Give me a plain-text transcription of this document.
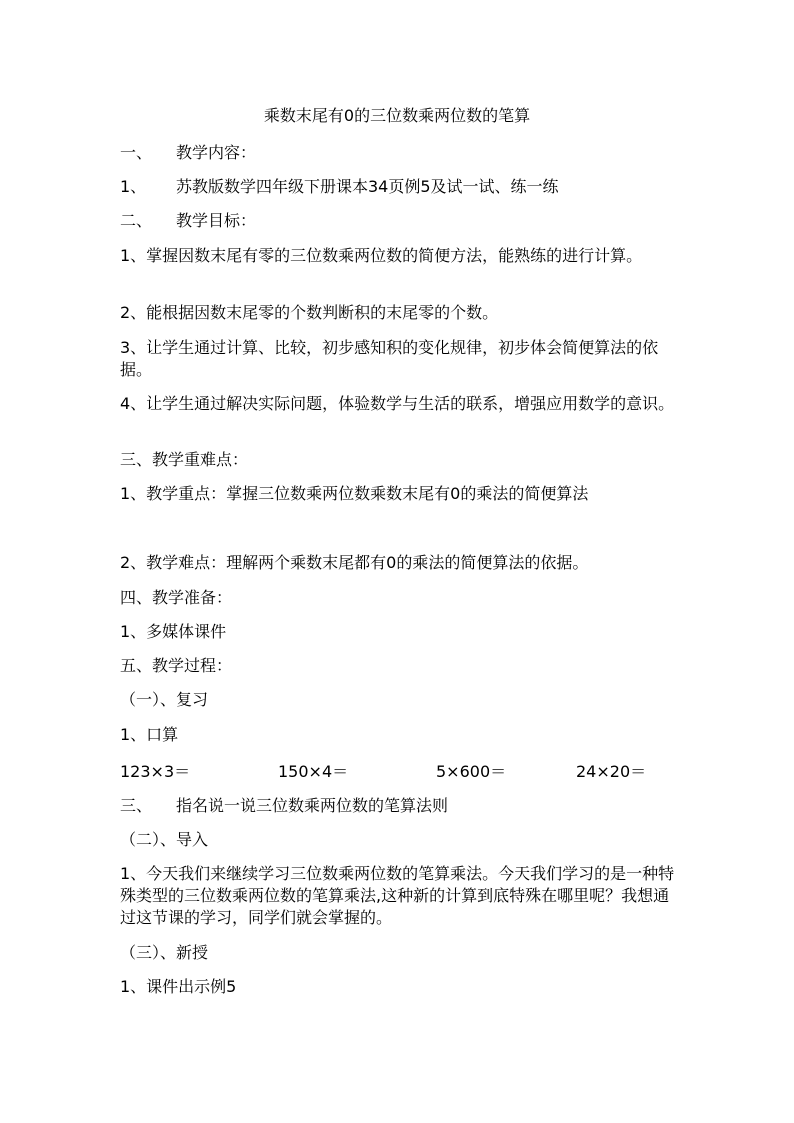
乘数末尾有0的三位数乘两位数的笔算
一、 教学内容：
1、 苏教版数学四年级下册课本34页例5及试一试、练一练
二、 教学目标：
1、掌握因数末尾有零的三位数乘两位数的简便方法，能熟练的进行计算。
2、能根据因数末尾零的个数判断积的末尾零的个数。
3、让学生通过计算、比较，初步感知积的变化规律，初步体会简便算法的依据。
4、让学生通过解决实际问题，体验数学与生活的联系，增强应用数学的意识。
三、教学重难点：
1、教学重点：掌握三位数乘两位数乘数末尾有0的乘法的简便算法
2、教学难点：理解两个乘数末尾都有0的乘法的简便算法的依据。
四、教学准备：
1、多媒体课件
五、教学过程：
（一）、复习
1、口算
123×3＝	150×4＝	5×600＝	24×20＝
三、 指名说一说三位数乘两位数的笔算法则
（二）、导入
1、今天我们来继续学习三位数乘两位数的笔算乘法。今天我们学习的是一种特殊类型的三位数乘两位数的笔算乘法,这种新的计算到底特殊在哪里呢？我想通过这节课的学习，同学们就会掌握的。
（三）、新授
1、课件出示例5
